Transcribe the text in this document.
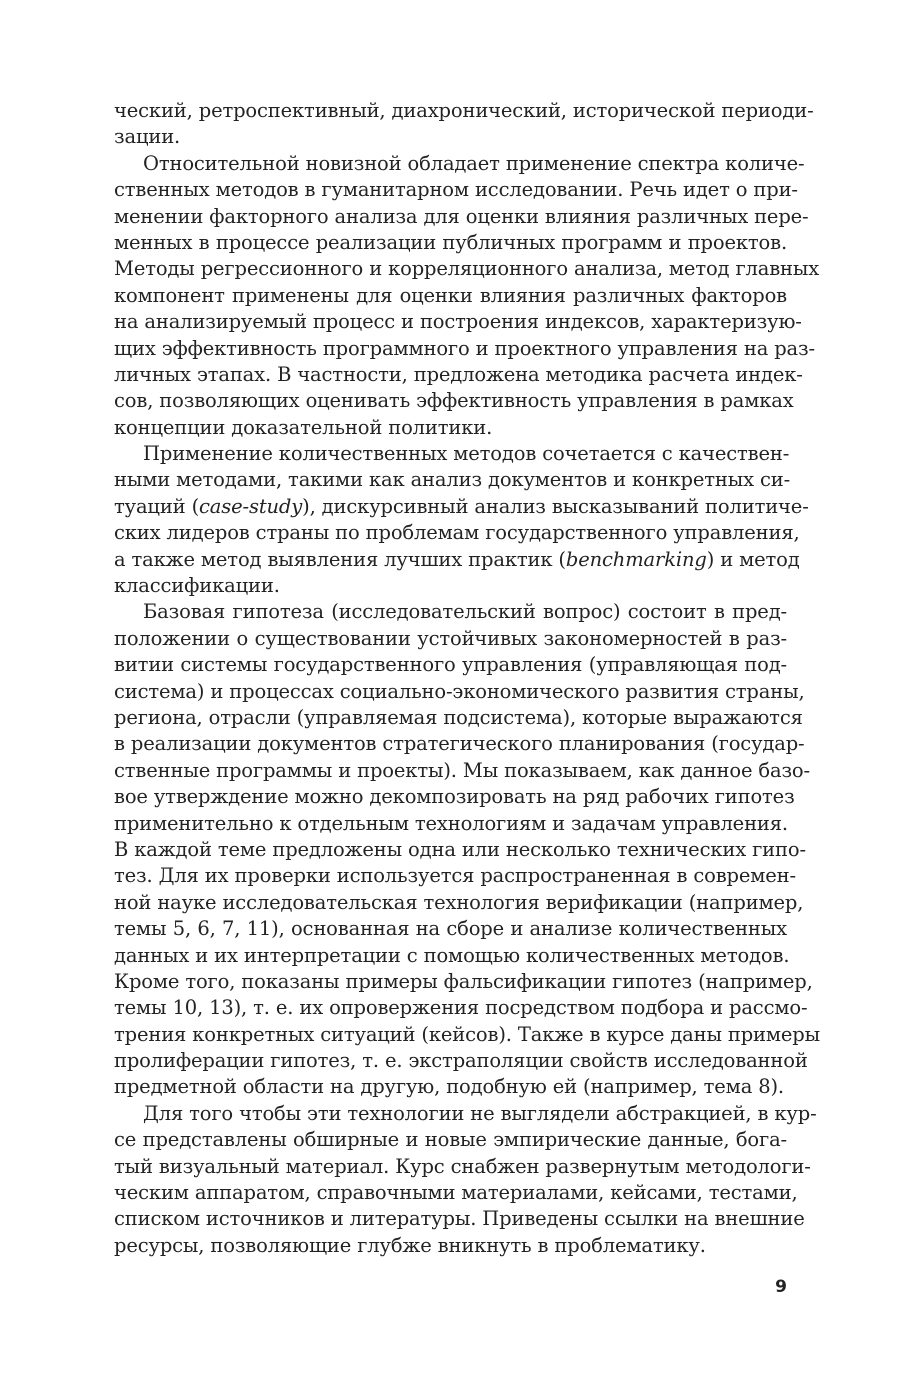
ческий, ретроспективный, диахронический, исторической периоди-
зации.

Относительной новизной обладает применение спектра количе-
ственных методов в гуманитарном исследовании. Речь идет о при-
менении факторного анализа для оценки влияния различных пере-
менных в процессе реализации публичных программ и проектов.
Методы регрессионного и корреляционного анализа, метод главных
компонент применены для оценки влияния различных факторов
на анализируемый процесс и построения индексов, характеризую-
щих эффективность программного и проектного управления на раз-
личных этапах. В частности, предложена методика расчета индек-
сов, позволяющих оценивать эффективность управления в рамках
концепции доказательной политики.

Применение количественных методов сочетается с качествен-
ными методами, такими как анализ документов и конкретных си-
туаций (case-study), дискурсивный анализ высказываний политиче-
ских лидеров страны по проблемам государственного управления,
а также метод выявления лучших практик (benchmarking) и метод
классификации.

Базовая гипотеза (исследовательский вопрос) состоит в пред-
положении о существовании устойчивых закономерностей в раз-
витии системы государственного управления (управляющая под-
система) и процессах социально-экономического развития страны,
региона, отрасли (управляемая подсистема), которые выражаются
в реализации документов стратегического планирования (государ-
ственные программы и проекты). Мы показываем, как данное базо-
вое утверждение можно декомпозировать на ряд рабочих гипотез
применительно к отдельным технологиям и задачам управления.
В каждой теме предложены одна или несколько технических гипо-
тез. Для их проверки используется распространенная в современ-
ной науке исследовательская технология верификации (например,
темы 5, 6, 7, 11), основанная на сборе и анализе количественных
данных и их интерпретации с помощью количественных методов.
Кроме того, показаны примеры фальсификации гипотез (например,
темы 10, 13), т. е. их опровержения посредством подбора и рассмо-
трения конкретных ситуаций (кейсов). Также в курсе даны примеры
пролиферации гипотез, т. е. экстраполяции свойств исследованной
предметной области на другую, подобную ей (например, тема 8).

Для того чтобы эти технологии не выглядели абстракцией, в кур-
се представлены обширные и новые эмпирические данные, бога-
тый визуальный материал. Курс снабжен развернутым методологи-
ческим аппаратом, справочными материалами, кейсами, тестами,
списком источников и литературы. Приведены ссылки на внешние
ресурсы, позволяющие глубже вникнуть в проблематику.

9
